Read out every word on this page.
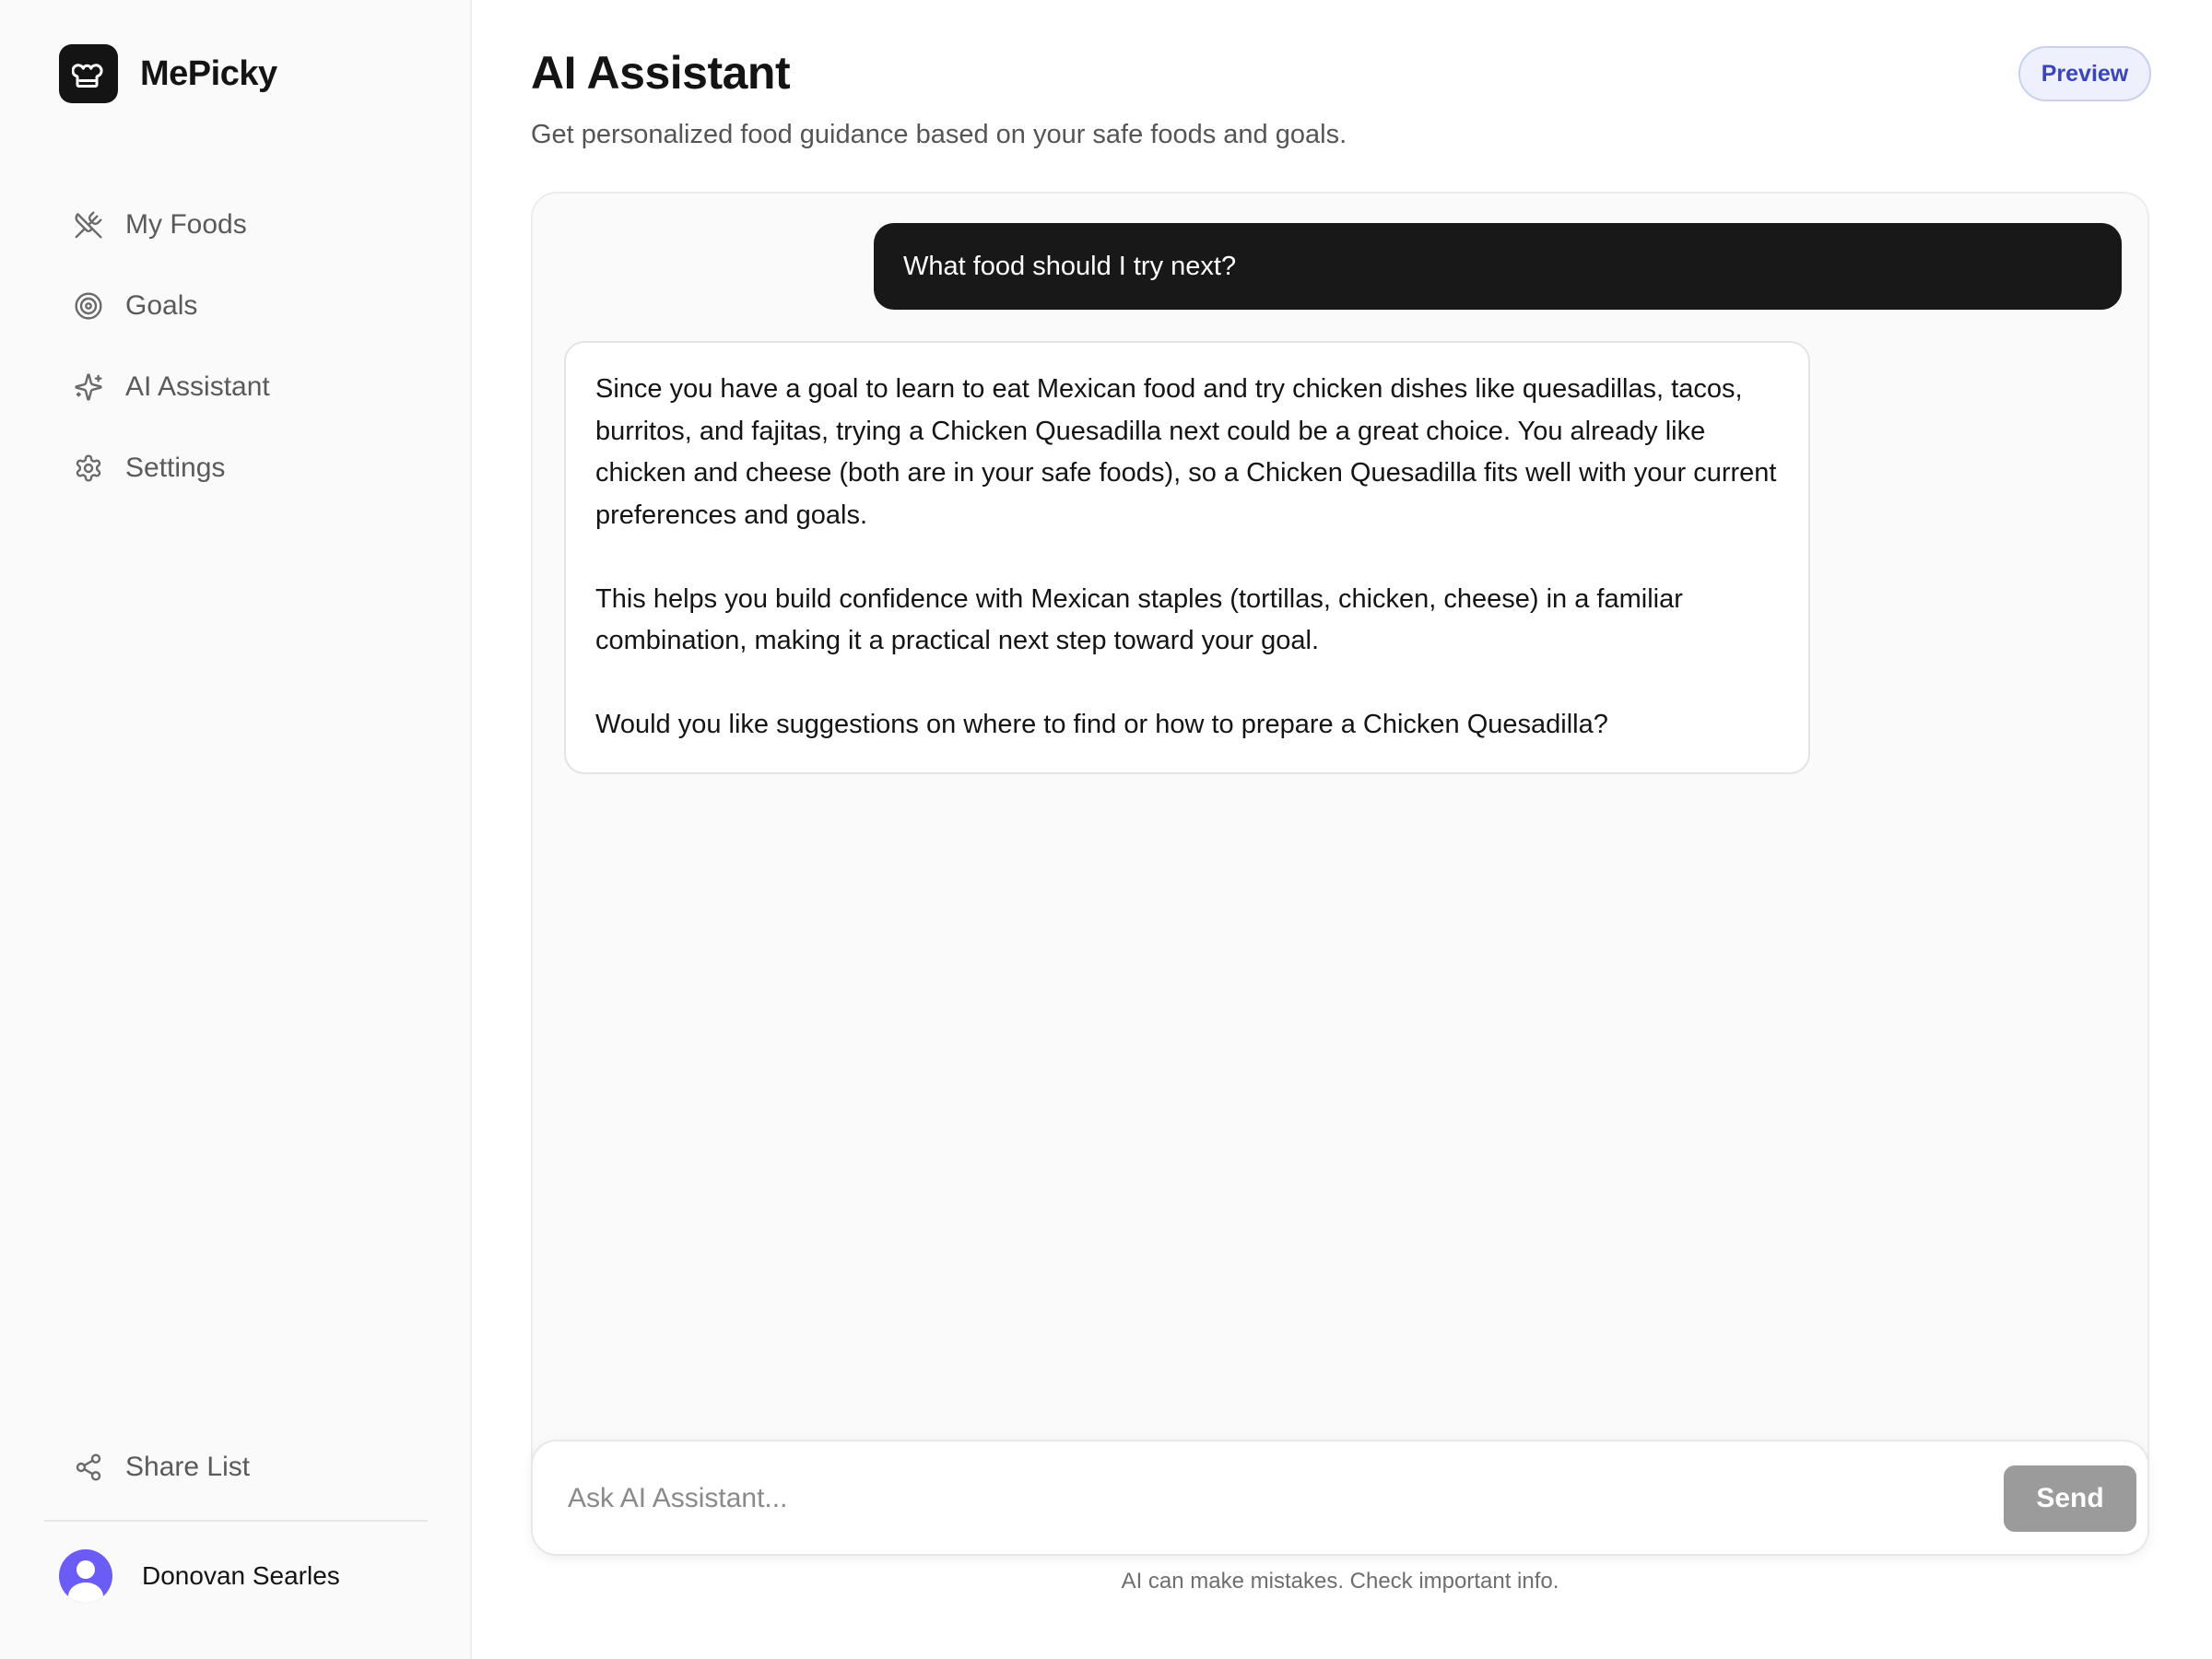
MePicky
My Foods
Goals
AI Assistant
Settings
Share List
Donovan Searles
AI Assistant

Get personalized food guidance based on your safe foods and goals.

Preview
What food should I try next?

Since you have a goal to learn to eat Mexican food and try chicken dishes like quesadillas, tacos, burritos, and fajitas, trying a Chicken Quesadilla next could be a great choice. You already like chicken and cheese (both are in your safe foods), so a Chicken Quesadilla fits well with your current preferences and goals.

This helps you build confidence with Mexican staples (tortillas, chicken, cheese) in a familiar combination, making it a practical next step toward your goal.

Would you like suggestions on where to find or how to prepare a Chicken Quesadilla?

Ask AI Assistant...
Send

AI can make mistakes. Check important info.
